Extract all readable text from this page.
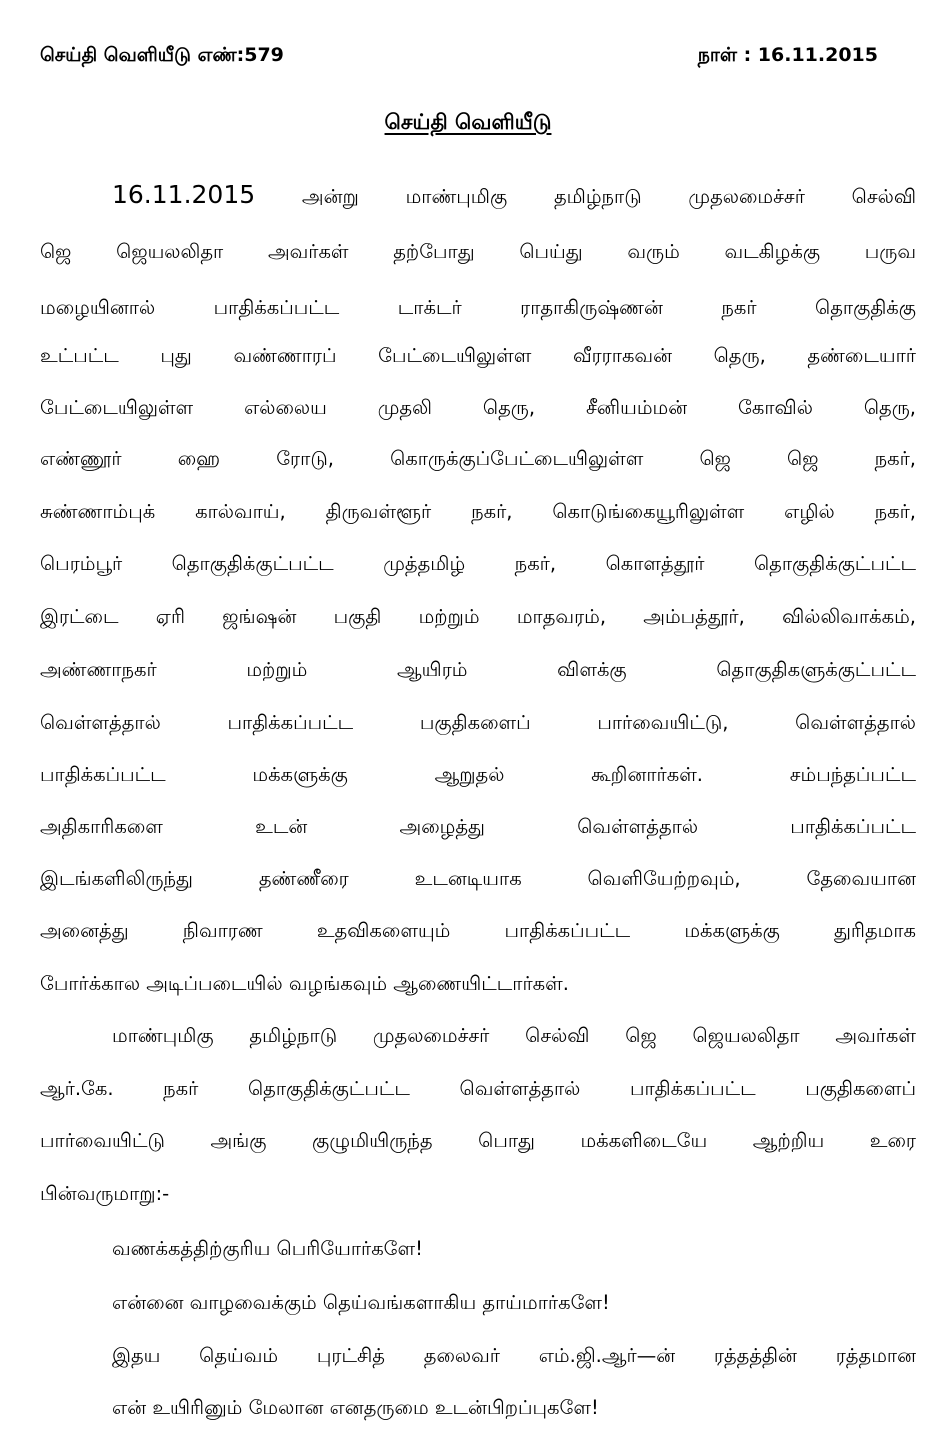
செய்தி வெளியீடு எண்:579	நாள் : 16.11.2015
செய்தி வெளியீடு
16.11.2015 அன்று மாண்புமிகு தமிழ்நாடு முதலமைச்சர் செல்வி
ஜெ ஜெயலலிதா அவர்கள் தற்போது பெய்து வரும் வடகிழக்கு பருவ
மழையினால் பாதிக்கப்பட்ட டாக்டர் ராதாகிருஷ்ணன் நகர் தொகுதிக்கு
உட்பட்ட புது வண்ணாரப் பேட்டையிலுள்ள வீரராகவன் தெரு, தண்டையார்
பேட்டையிலுள்ள எல்லைய முதலி தெரு, சீனியம்மன் கோவில் தெரு,
எண்ணூர் ஹை ரோடு, கொருக்குப்பேட்டையிலுள்ள ஜெ ஜெ நகர்,
சுண்ணாம்புக் கால்வாய், திருவள்ளூர் நகர், கொடுங்கையூரிலுள்ள எழில் நகர்,
பெரம்பூர் தொகுதிக்குட்பட்ட முத்தமிழ் நகர், கொளத்தூர் தொகுதிக்குட்பட்ட
இரட்டை ஏரி ஜங்ஷன் பகுதி மற்றும் மாதவரம், அம்பத்தூர், வில்லிவாக்கம்,
அண்ணாநகர் மற்றும் ஆயிரம் விளக்கு தொகுதிகளுக்குட்பட்ட
வெள்ளத்தால் பாதிக்கப்பட்ட பகுதிகளைப் பார்வையிட்டு, வெள்ளத்தால்
பாதிக்கப்பட்ட மக்களுக்கு ஆறுதல் கூறினார்கள். சம்பந்தப்பட்ட
அதிகாரிகளை உடன் அழைத்து வெள்ளத்தால் பாதிக்கப்பட்ட
இடங்களிலிருந்து தண்ணீரை உடனடியாக வெளியேற்றவும், தேவையான
அனைத்து நிவாரண உதவிகளையும் பாதிக்கப்பட்ட மக்களுக்கு துரிதமாக
போர்க்கால அடிப்படையில் வழங்கவும் ஆணையிட்டார்கள்.
மாண்புமிகு தமிழ்நாடு முதலமைச்சர் செல்வி ஜெ ஜெயலலிதா அவர்கள்
ஆர்.கே. நகர் தொகுதிக்குட்பட்ட வெள்ளத்தால் பாதிக்கப்பட்ட பகுதிகளைப்
பார்வையிட்டு அங்கு குழுமியிருந்த பொது மக்களிடையே ஆற்றிய உரை
பின்வருமாறு:-
வணக்கத்திற்குரிய பெரியோர்களே!
என்னை வாழவைக்கும் தெய்வங்களாகிய தாய்மார்களே!
இதய தெய்வம் புரட்சித் தலைவர் எம்.ஜி.ஆர்—ன் ரத்தத்தின் ரத்தமான
என் உயிரினும் மேலான எனதருமை உடன்பிறப்புகளே!
